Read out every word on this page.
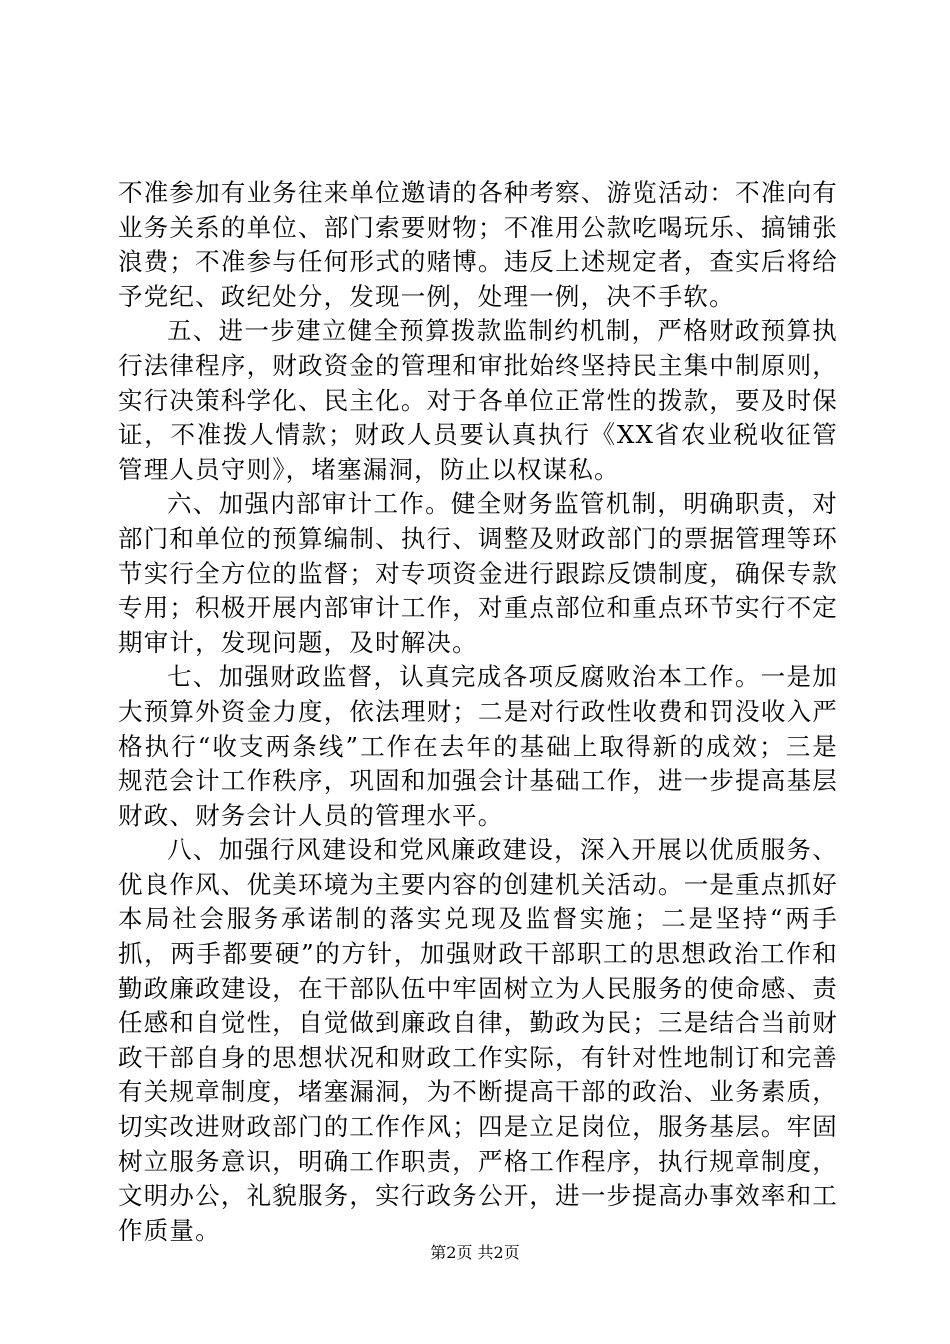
不准参加有业务往来单位邀请的各种考察、游览活动：不准向有业务关系的单位、部门索要财物；不准用公款吃喝玩乐、搞铺张浪费；不准参与任何形式的赌博。违反上述规定者，查实后将给予党纪、政纪处分，发现一例，处理一例，决不手软。

五、进一步建立健全预算拨款监制约机制，严格财政预算执行法律程序，财政资金的管理和审批始终坚持民主集中制原则，实行决策科学化、民主化。对于各单位正常性的拨款，要及时保证，不准拨人情款；财政人员要认真执行《XX省农业税收征管管理人员守则》，堵塞漏洞，防止以权谋私。

六、加强内部审计工作。健全财务监管机制，明确职责，对部门和单位的预算编制、执行、调整及财政部门的票据管理等环节实行全方位的监督；对专项资金进行跟踪反馈制度，确保专款专用；积极开展内部审计工作，对重点部位和重点环节实行不定期审计，发现问题，及时解决。

七、加强财政监督，认真完成各项反腐败治本工作。一是加大预算外资金力度，依法理财；二是对行政性收费和罚没收入严格执行“收支两条线”工作在去年的基础上取得新的成效；三是规范会计工作秩序，巩固和加强会计基础工作，进一步提高基层财政、财务会计人员的管理水平。

八、加强行风建设和党风廉政建设，深入开展以优质服务、优良作风、优美环境为主要内容的创建机关活动。一是重点抓好本局社会服务承诺制的落实兑现及监督实施；二是坚持“两手抓，两手都要硬”的方针，加强财政干部职工的思想政治工作和勤政廉政建设，在干部队伍中牢固树立为人民服务的使命感、责任感和自觉性，自觉做到廉政自律，勤政为民；三是结合当前财政干部自身的思想状况和财政工作实际，有针对性地制订和完善有关规章制度，堵塞漏洞，为不断提高干部的政治、业务素质，切实改进财政部门的工作作风；四是立足岗位，服务基层。牢固树立服务意识，明确工作职责，严格工作程序，执行规章制度，文明办公，礼貌服务，实行政务公开，进一步提高办事效率和工作质量。

第2页 共2页
